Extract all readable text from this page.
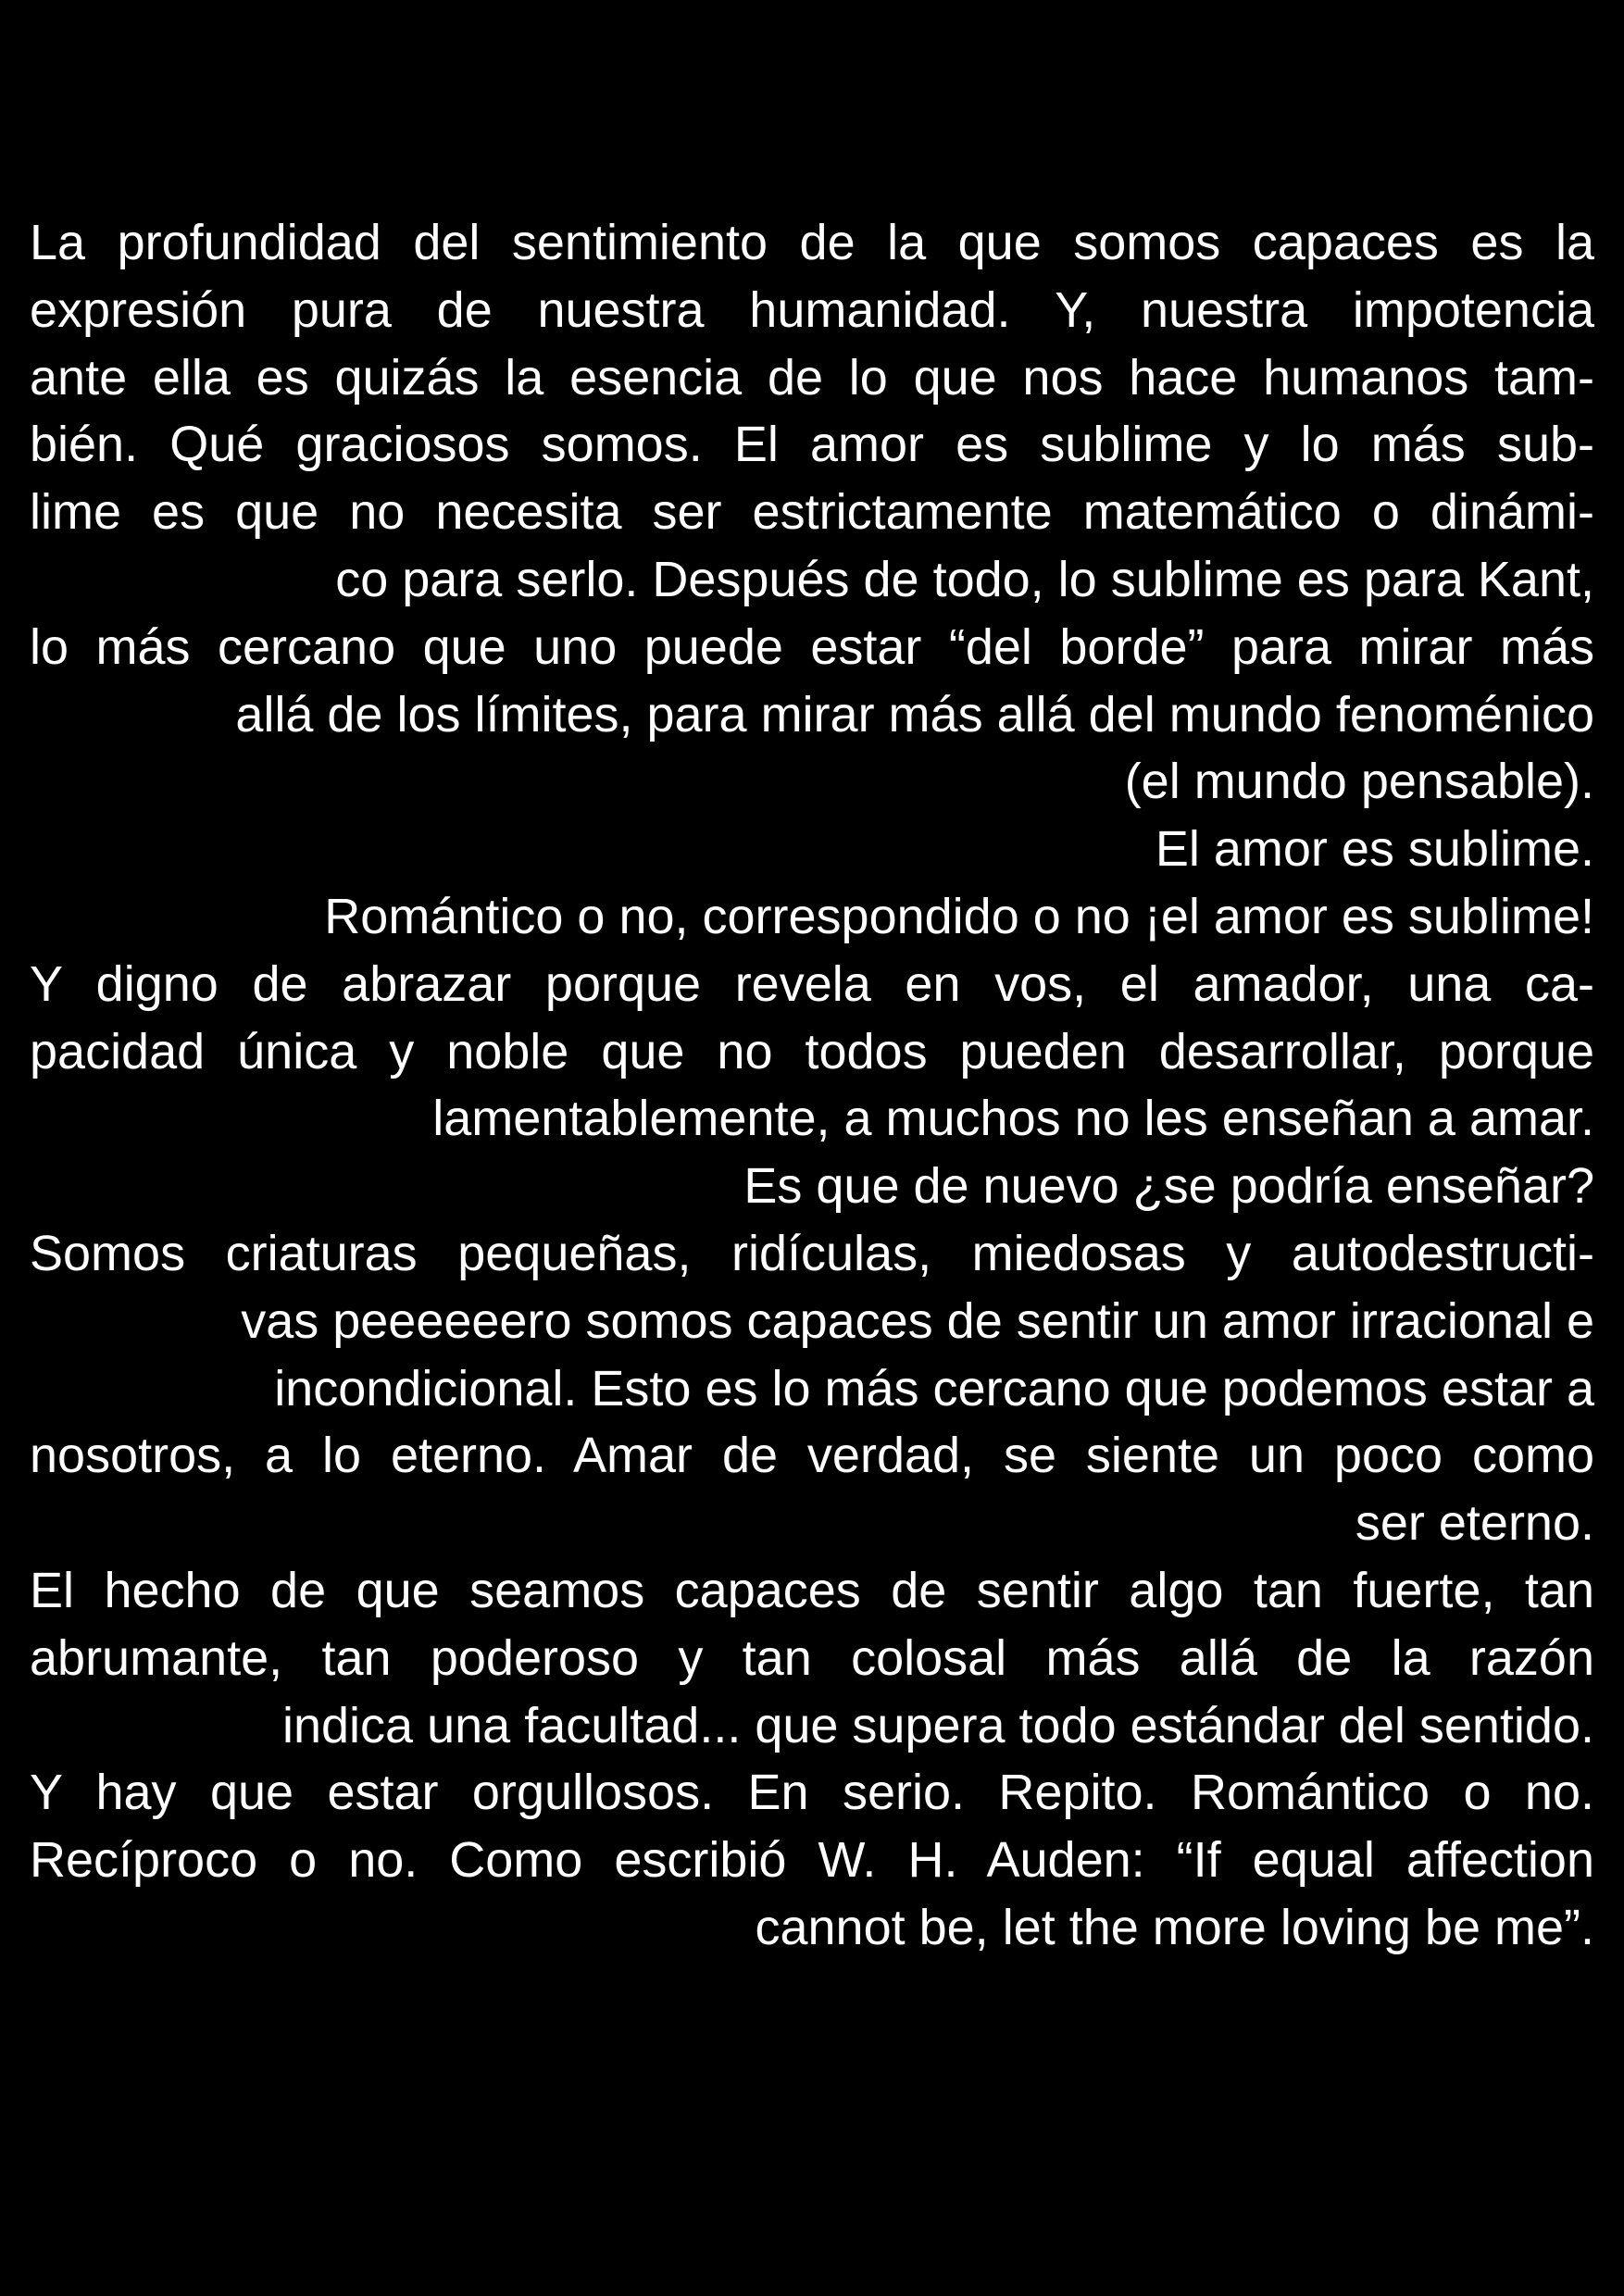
La profundidad del sentimiento de la que somos capaces es la
expresión pura de nuestra humanidad. Y, nuestra impotencia
ante ella es quizás la esencia de lo que nos hace humanos tam-
bién. Qué graciosos somos. El amor es sublime y lo más sub-
lime es que no necesita ser estrictamente matemático o dinámi-
co para serlo. Después de todo, lo sublime es para Kant,
lo más cercano que uno puede estar “del borde” para mirar más
allá de los límites, para mirar más allá del mundo fenoménico
(el mundo pensable).
El amor es sublime.
Romántico o no, correspondido o no ¡el amor es sublime!
Y digno de abrazar porque revela en vos, el amador, una ca-
pacidad única y noble que no todos pueden desarrollar, porque
lamentablemente, a muchos no les enseñan a amar.
Es que de nuevo ¿se podría enseñar?
Somos criaturas pequeñas, ridículas, miedosas y autodestructi-
vas peeeeeero somos capaces de sentir un amor irracional e
incondicional. Esto es lo más cercano que podemos estar a
nosotros, a lo eterno. Amar de verdad, se siente un poco como
ser eterno.
El hecho de que seamos capaces de sentir algo tan fuerte, tan
abrumante, tan poderoso y tan colosal más allá de la razón
indica una facultad... que supera todo estándar del sentido.
Y hay que estar orgullosos. En serio. Repito. Romántico o no.
Recíproco o no. Como escribió W. H. Auden: “If equal affection
cannot be, let the more loving be me”.
